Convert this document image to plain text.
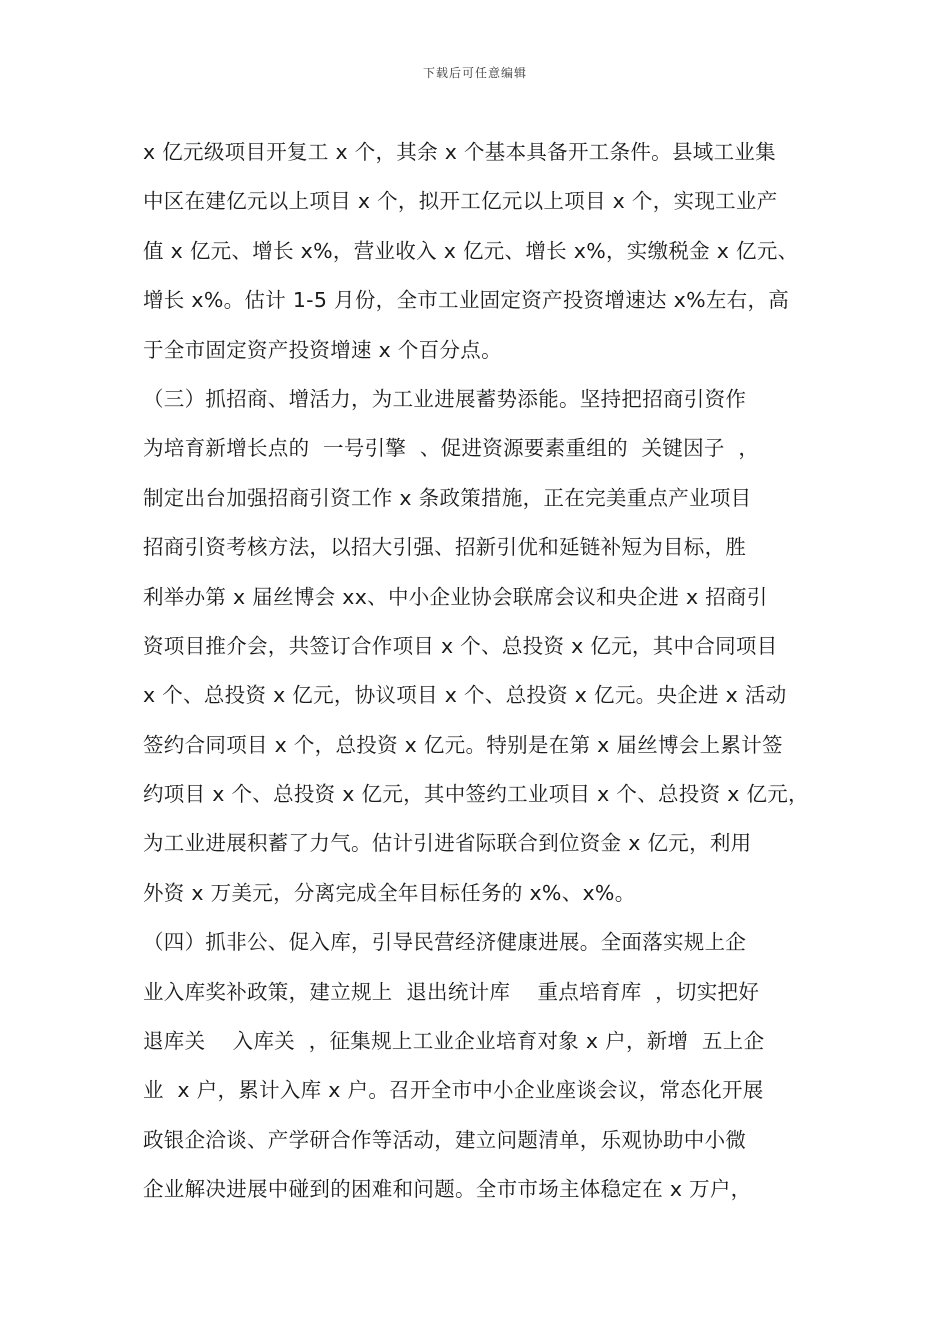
下载后可任意编辑
x 亿元级项目开复工 x 个，其余 x 个基本具备开工条件。县域工业集
中区在建亿元以上项目 x 个，拟开工亿元以上项目 x 个，实现工业产
值 x 亿元、增长 x%，营业收入 x 亿元、增长 x%，实缴税金 x 亿元、
增长 x%。估计 1-5 月份，全市工业固定资产投资增速达 x%左右，高
于全市固定资产投资增速 x 个百分点。
（三）抓招商、增活力，为工业进展蓄势添能。坚持把招商引资作
为培育新增长点的  一号引擎  、促进资源要素重组的  关键因子  ，
制定出台加强招商引资工作 x 条政策措施，正在完美重点产业项目
招商引资考核方法，以招大引强、招新引优和延链补短为目标，胜
利举办第 x 届丝博会 xx、中小企业协会联席会议和央企进 x 招商引
资项目推介会，共签订合作项目 x 个、总投资 x 亿元，其中合同项目
x 个、总投资 x 亿元，协议项目 x 个、总投资 x 亿元。央企进 x 活动
签约合同项目 x 个，总投资 x 亿元。特别是在第 x 届丝博会上累计签
约项目 x 个、总投资 x 亿元，其中签约工业项目 x 个、总投资 x 亿元，
为工业进展积蓄了力气。估计引进省际联合到位资金 x 亿元，利用
外资 x 万美元，分离完成全年目标任务的 x%、x%。
（四）抓非公、促入库，引导民营经济健康进展。全面落实规上企
业入库奖补政策，建立规上  退出统计库    重点培育库  ，切实把好
退库关    入库关  ，征集规上工业企业培育对象 x 户，新增  五上企
业  x 户，累计入库 x 户。召开全市中小企业座谈会议，常态化开展
政银企洽谈、产学研合作等活动，建立问题清单，乐观协助中小微
企业解决进展中碰到的困难和问题。全市市场主体稳定在 x 万户，
